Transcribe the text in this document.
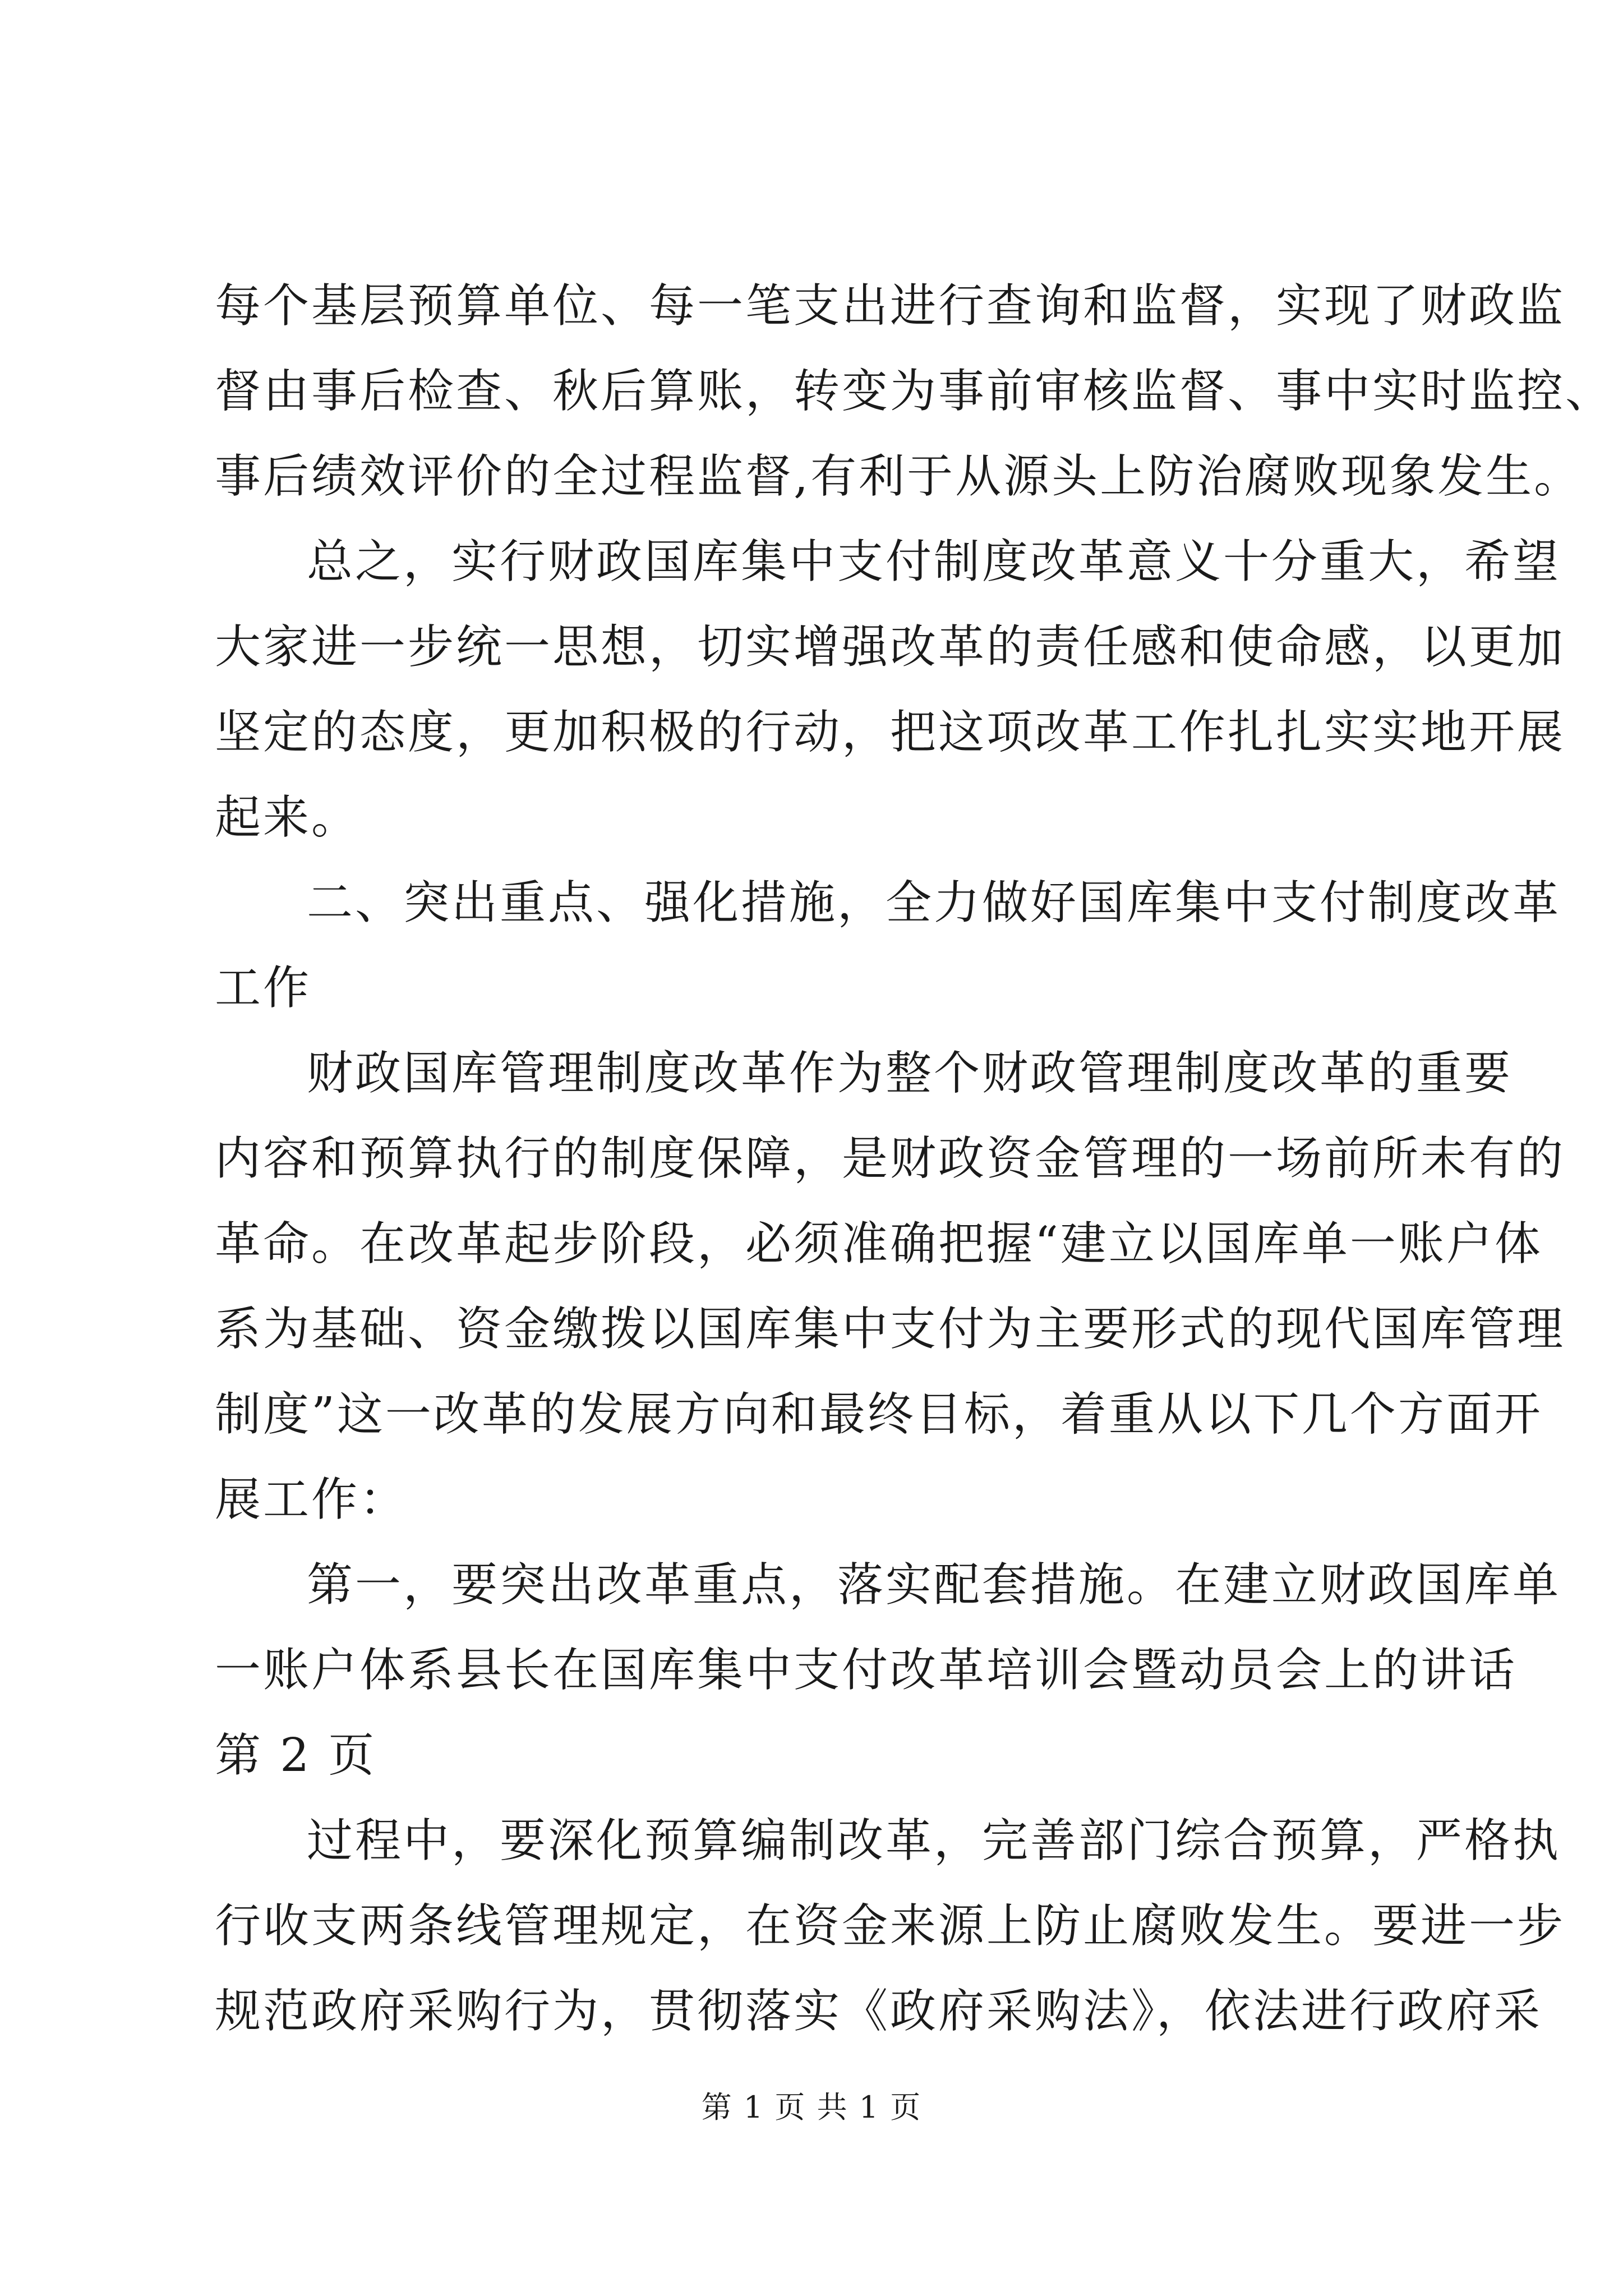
每个基层预算单位、每一笔支出进行查询和监督，实现了财政监
督由事后检查、秋后算账，转变为事前审核监督、事中实时监控、
事后绩效评价的全过程监督,有利于从源头上防治腐败现象发生。
总之，实行财政国库集中支付制度改革意义十分重大，希望
大家进一步统一思想，切实增强改革的责任感和使命感，以更加
坚定的态度，更加积极的行动，把这项改革工作扎扎实实地开展
起来。
二、突出重点、强化措施，全力做好国库集中支付制度改革
工作
财政国库管理制度改革作为整个财政管理制度改革的重要
内容和预算执行的制度保障，是财政资金管理的一场前所未有的
革命。在改革起步阶段，必须准确把握“建立以国库单一账户体
系为基础、资金缴拨以国库集中支付为主要形式的现代国库管理
制度”这一改革的发展方向和最终目标，着重从以下几个方面开
展工作：
第一，要突出改革重点，落实配套措施。在建立财政国库单
一账户体系县长在国库集中支付改革培训会暨动员会上的讲话
第 2 页
过程中，要深化预算编制改革，完善部门综合预算，严格执
行收支两条线管理规定，在资金来源上防止腐败发生。要进一步
规范政府采购行为，贯彻落实《政府采购法》，依法进行政府采
第 1 页 共 1 页
